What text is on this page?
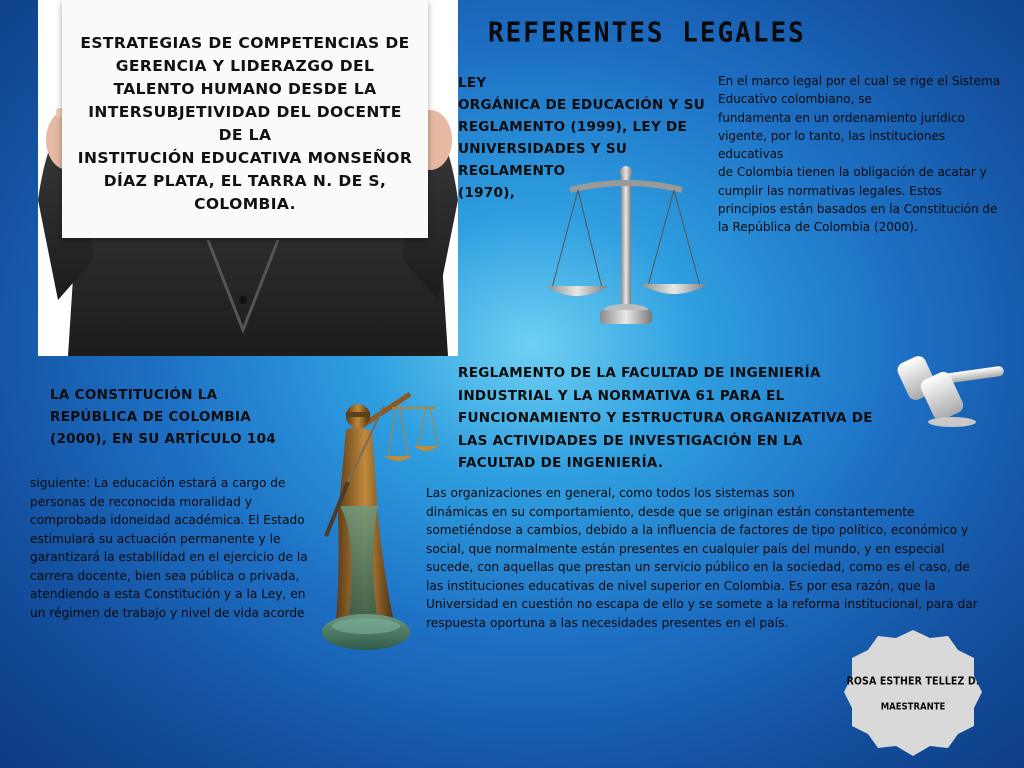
ESTRATEGIAS DE COMPETENCIAS DE
GERENCIA Y LIDERAZGO DEL
TALENTO HUMANO DESDE LA
INTERSUBJETIVIDAD DEL DOCENTE DE LA
INSTITUCIÓN EDUCATIVA MONSEÑOR
DÍAZ PLATA, EL TARRA N. DE S,
COLOMBIA.
REFERENTES LEGALES
LEY
ORGÁNICA DE EDUCACIÓN Y SU
REGLAMENTO (1999), LEY DE
UNIVERSIDADES Y SU
REGLAMENTO
(1970),
En el marco legal por el cual se rige el Sistema
Educativo colombiano, se
fundamenta en un ordenamiento jurídico
vigente, por lo tanto, las instituciones
educativas
de Colombia tienen la obligación de acatar y
cumplir las normativas legales. Estos
principios están basados en la Constitución de
la República de Colombia (2000).
REGLAMENTO DE LA FACULTAD DE INGENIERÍA INDUSTRIAL Y LA NORMATIVA 61 PARA EL FUNCIONAMIENTO Y ESTRUCTURA ORGANIZATIVA DE LAS ACTIVIDADES DE INVESTIGACIÓN EN LA FACULTAD DE INGENIERÍA.
Las organizaciones en general, como todos los sistemas son
dinámicas en su comportamiento, desde que se originan están constantemente
sometiéndose a cambios, debido a la influencia de factores de tipo político, económico y
social, que normalmente están presentes en cualquier país del mundo, y en especial
sucede, con aquellas que prestan un servicio público en la sociedad, como es el caso, de
las instituciones educativas de nivel superior en Colombia. Es por esa razón, que la
Universidad en cuestión no escapa de ello y se somete a la reforma institucional, para dar
respuesta oportuna a las necesidades presentes en el país.
LA CONSTITUCIÓN LA
REPÚBLICA DE COLOMBIA
(2000), EN SU ARTÍCULO 104
siguiente: La educación estará a cargo de
personas de reconocida moralidad y
comprobada idoneidad académica. El Estado
estimulará su actuación permanente y le
garantizará la estabilidad en el ejercicio de la
carrera docente, bien sea pública o privada,
atendiendo a esta Constitución y a la Ley, en
un régimen de trabajo y nivel de vida acorde
ROSA ESTHER TELLEZ D.
MAESTRANTE
